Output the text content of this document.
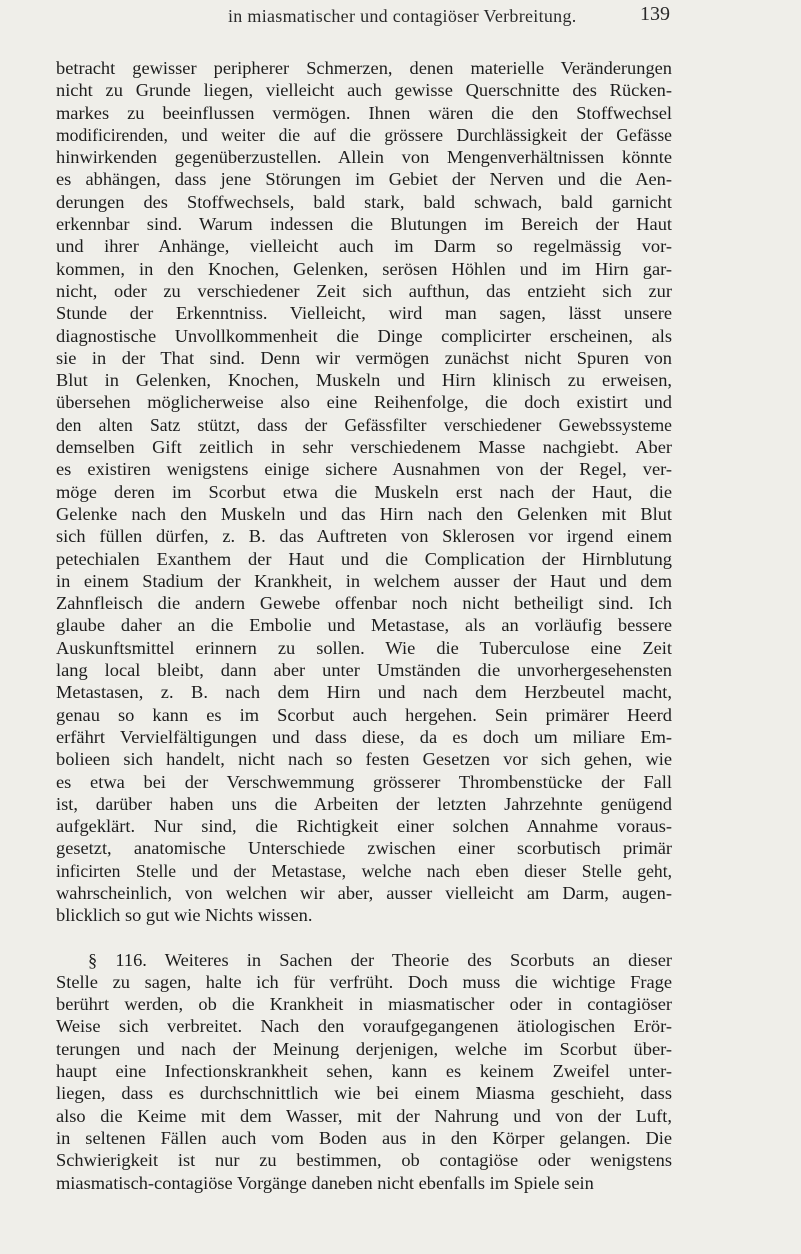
in miasmatischer und contagiöser Verbreitung.	139
betracht gewisser peripherer Schmerzen, denen materielle Veränderungen
nicht zu Grunde liegen, vielleicht auch gewisse Querschnitte des Rücken-
markes zu beeinflussen vermögen. Ihnen wären die den Stoffwechsel
modificirenden, und weiter die auf die grössere Durchlässigkeit der Gefässe
hinwirkenden gegenüberzustellen. Allein von Mengenverhältnissen könnte
es abhängen, dass jene Störungen im Gebiet der Nerven und die Aen-
derungen des Stoffwechsels, bald stark, bald schwach, bald garnicht
erkennbar sind. Warum indessen die Blutungen im Bereich der Haut
und ihrer Anhänge, vielleicht auch im Darm so regelmässig vor-
kommen, in den Knochen, Gelenken, serösen Höhlen und im Hirn gar-
nicht, oder zu verschiedener Zeit sich aufthun, das entzieht sich zur
Stunde der Erkenntniss. Vielleicht, wird man sagen, lässt unsere
diagnostische Unvollkommenheit die Dinge complicirter erscheinen, als
sie in der That sind. Denn wir vermögen zunächst nicht Spuren von
Blut in Gelenken, Knochen, Muskeln und Hirn klinisch zu erweisen,
übersehen möglicherweise also eine Reihenfolge, die doch existirt und
den alten Satz stützt, dass der Gefässfilter verschiedener Gewebssysteme
demselben Gift zeitlich in sehr verschiedenem Masse nachgiebt. Aber
es existiren wenigstens einige sichere Ausnahmen von der Regel, ver-
möge deren im Scorbut etwa die Muskeln erst nach der Haut, die
Gelenke nach den Muskeln und das Hirn nach den Gelenken mit Blut
sich füllen dürfen, z. B. das Auftreten von Sklerosen vor irgend einem
petechialen Exanthem der Haut und die Complication der Hirnblutung
in einem Stadium der Krankheit, in welchem ausser der Haut und dem
Zahnfleisch die andern Gewebe offenbar noch nicht betheiligt sind. Ich
glaube daher an die Embolie und Metastase, als an vorläufig bessere
Auskunftsmittel erinnern zu sollen. Wie die Tuberculose eine Zeit
lang local bleibt, dann aber unter Umständen die unvorhergesehensten
Metastasen, z. B. nach dem Hirn und nach dem Herzbeutel macht,
genau so kann es im Scorbut auch hergehen. Sein primärer Heerd
erfährt Vervielfältigungen und dass diese, da es doch um miliare Em-
bolieen sich handelt, nicht nach so festen Gesetzen vor sich gehen, wie
es etwa bei der Verschwemmung grösserer Thrombenstücke der Fall
ist, darüber haben uns die Arbeiten der letzten Jahrzehnte genügend
aufgeklärt. Nur sind, die Richtigkeit einer solchen Annahme voraus-
gesetzt, anatomische Unterschiede zwischen einer scorbutisch primär
inficirten Stelle und der Metastase, welche nach eben dieser Stelle geht,
wahrscheinlich, von welchen wir aber, ausser vielleicht am Darm, augen-
blicklich so gut wie Nichts wissen.
§ 116. Weiteres in Sachen der Theorie des Scorbuts an dieser
Stelle zu sagen, halte ich für verfrüht. Doch muss die wichtige Frage
berührt werden, ob die Krankheit in miasmatischer oder in contagiöser
Weise sich verbreitet. Nach den voraufgegangenen ätiologischen Erör-
terungen und nach der Meinung derjenigen, welche im Scorbut über-
haupt eine Infectionskrankheit sehen, kann es keinem Zweifel unter-
liegen, dass es durchschnittlich wie bei einem Miasma geschieht, dass
also die Keime mit dem Wasser, mit der Nahrung und von der Luft,
in seltenen Fällen auch vom Boden aus in den Körper gelangen. Die
Schwierigkeit ist nur zu bestimmen, ob contagiöse oder wenigstens
miasmatisch-contagiöse Vorgänge daneben nicht ebenfalls im Spiele sein
